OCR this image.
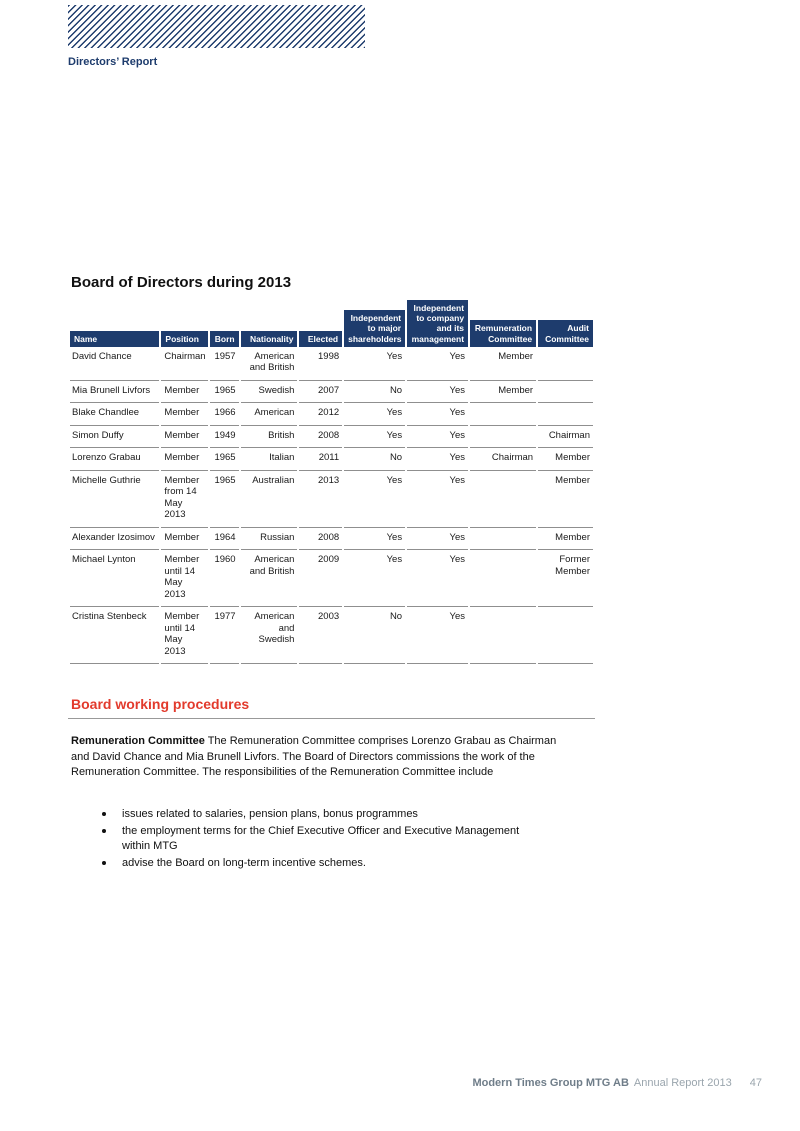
Directors’ Report
Board of Directors during 2013
Name	Position	Born	Nationality	Elected	Independent to major shareholders	Independent to company and its management	Remuneration Committee	Audit Committee

David Chance	Chairman	1957	American and British	1998	Yes	Yes	Member	
Mia Brunell Livfors	Member	1965	Swedish	2007	No	Yes	Member	
Blake Chandlee	Member	1966	American	2012	Yes	Yes		
Simon Duffy	Member	1949	British	2008	Yes	Yes		Chairman
Lorenzo Grabau	Member	1965	Italian	2011	No	Yes	Chairman	Member
Michelle Guthrie	Member from 14 May 2013	1965	Australian	2013	Yes	Yes		Member
Alexander Izosimov	Member	1964	Russian	2008	Yes	Yes		Member
Michael Lynton	Member until 14 May 2013	1960	American and British	2009	Yes	Yes		Former Member
Cristina Stenbeck	Member until 14 May 2013	1977	American and Swedish	2003	No	Yes		
Board working procedures

Remuneration Committee The Remuneration Committee comprises Lorenzo Grabau as Chairman and David Chance and Mia Brunell Livfors. The Board of Directors commissions the work of the Remuneration Committee. The responsibilities of the Remuneration Committee include

issues related to salaries, pension plans, bonus programmes
the employment terms for the Chief Executive Officer and Executive Management within MTG
advise the Board on long-term incentive schemes.
Modern Times Group MTG AB Annual Report 2013 47
